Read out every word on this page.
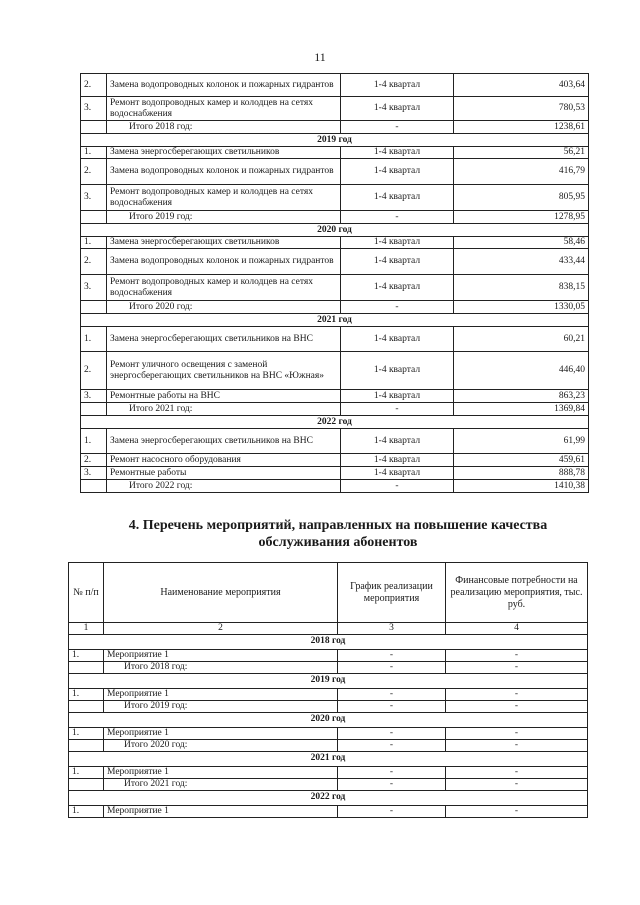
11
2.	Замена водопроводных колонок и пожарных гидрантов	1-4 квартал	403,64
3.	Ремонт водопроводных камер и колодцев на сетях водоснабжения	1-4 квартал	780,53
	Итого 2018 год:	-	1238,61
2019 год			
1.	Замена энергосберегающих светильников	1-4 квартал	56,21
2.	Замена водопроводных колонок и пожарных гидрантов	1-4 квартал	416,79
3.	Ремонт водопроводных камер и колодцев на сетях водоснабжения	1-4 квартал	805,95
	Итого 2019 год:	-	1278,95
2020 год			
1.	Замена энергосберегающих светильников	1-4 квартал	58,46
2.	Замена водопроводных колонок и пожарных гидрантов	1-4 квартал	433,44
3.	Ремонт водопроводных камер и колодцев на сетях водоснабжения	1-4 квартал	838,15
	Итого 2020 год:	-	1330,05
2021 год			
1.	Замена энергосберегающих светильников на ВНС	1-4 квартал	60,21
2.	Ремонт уличного освещения с заменой энергосберегающих светильников на ВНС «Южная»	1-4 квартал	446,40
3.	Ремонтные работы на ВНС	1-4 квартал	863,23
	Итого 2021 год:	-	1369,84
2022 год			
1.	Замена энергосберегающих светильников на ВНС	1-4 квартал	61,99
2.	Ремонт насосного оборудования	1-4 квартал	459,61
3.	Ремонтные работы	1-4 квартал	888,78
	Итого 2022 год:	-	1410,38
4. Перечень мероприятий, направленных на повышение качества
обслуживания абонентов
№ п/п	Наименование мероприятия	График реализации мероприятия	Финансовые потребности на реализацию мероприятия, тыс. руб.
1	2	3	4
2018 год			
1.	Мероприятие 1	-	-
	Итого 2018 год:	-	-
2019 год			
1.	Мероприятие 1	-	-
	Итого 2019 год:	-	-
2020 год			
1.	Мероприятие 1	-	-
	Итого 2020 год:	-	-
2021 год			
1.	Мероприятие 1	-	-
	Итого 2021 год:	-	-
2022 год			
1.	Мероприятие 1	-	-
